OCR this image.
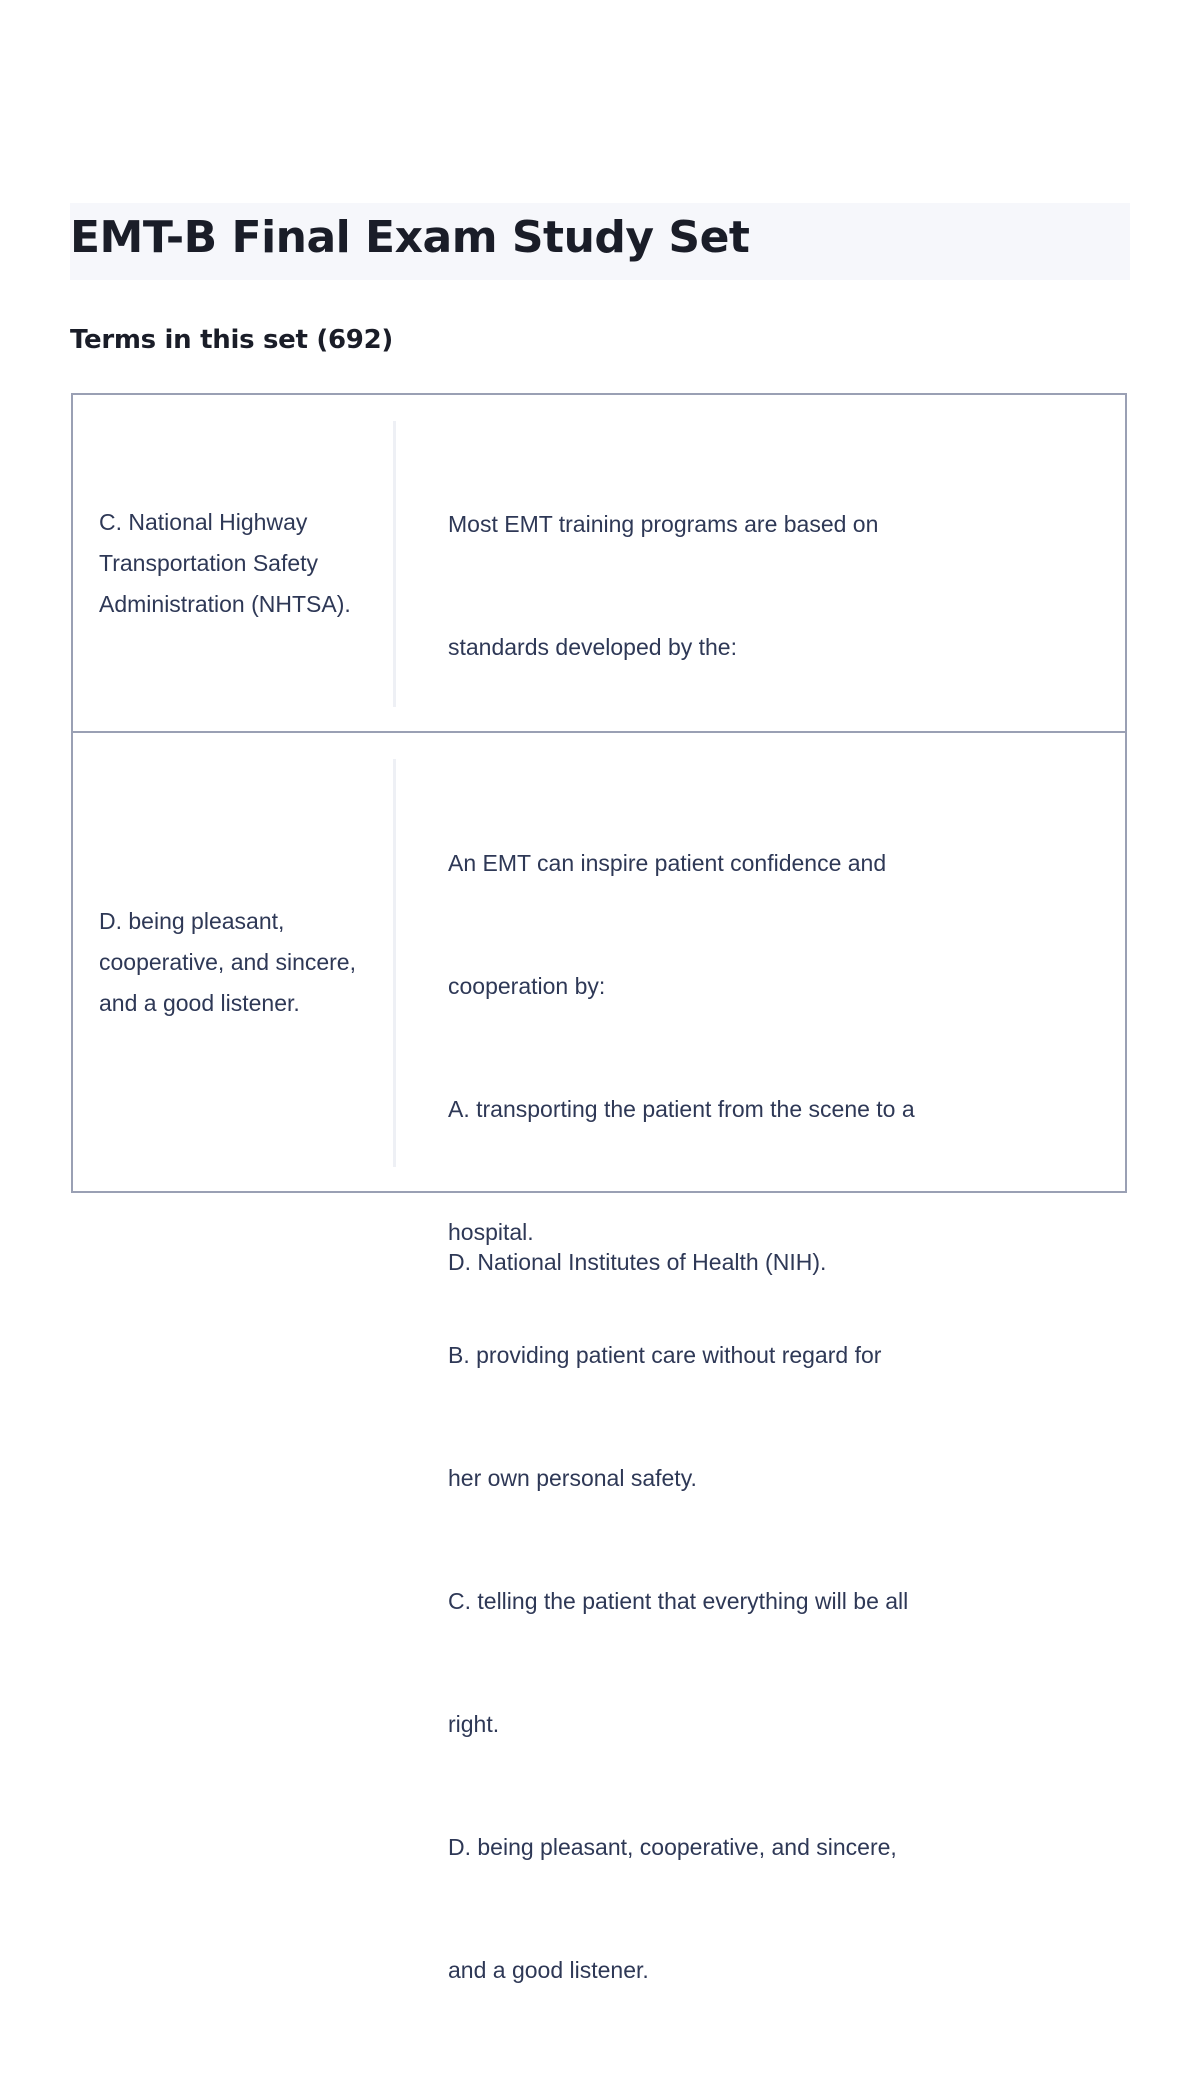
EMT-B Final Exam Study Set
Terms in this set (692)
C. National Highway Transportation Safety Administration (NHTSA).

Most EMT training programs are based on

standards developed by the:

D. National Institutes of Health (NIH).

D. being pleasant, cooperative, and sincere, and a good listener.

An EMT can inspire patient confidence and

cooperation by:

A. transporting the patient from the scene to a

hospital.

B. providing patient care without regard for

her own personal safety.

C. telling the patient that everything will be all

right.

D. being pleasant, cooperative, and sincere,

and a good listener.
